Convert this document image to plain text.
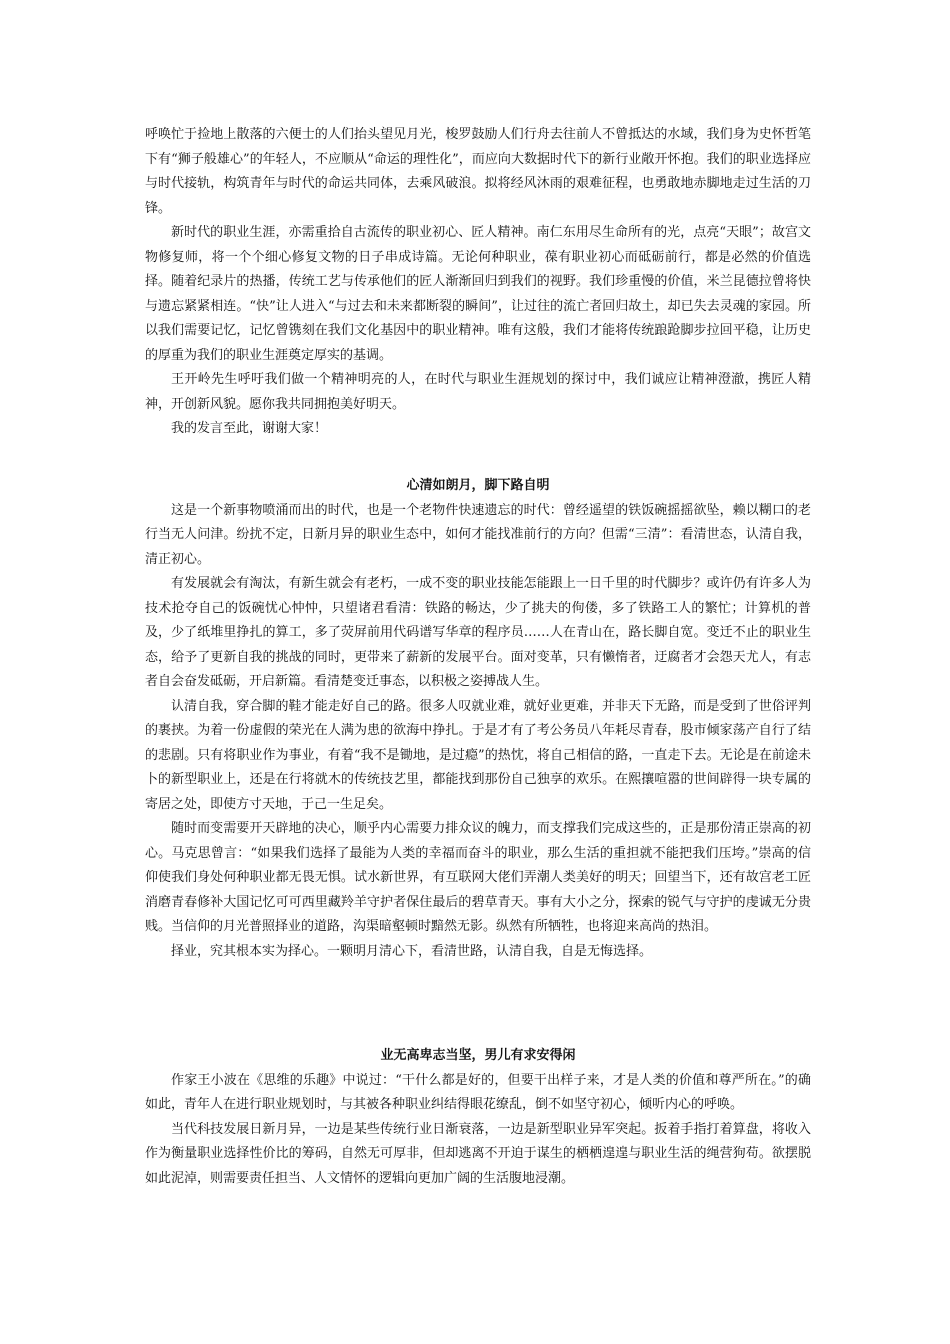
呼唤忙于捡地上散落的六便士的人们抬头望见月光，梭罗鼓励人们行舟去往前人不曾抵达的水域，我们身为史怀哲笔下有“狮子般雄心”的年轻人，不应顺从“命运的理性化”，而应向大数据时代下的新行业敞开怀抱。我们的职业选择应与时代接轨，构筑青年与时代的命运共同体，去乘风破浪。拟将经风沐雨的艰难征程，也勇敢地赤脚地走过生活的刀锋。

新时代的职业生涯，亦需重拾自古流传的职业初心、匠人精神。南仁东用尽生命所有的光，点亮“天眼”；故宫文物修复师，将一个个细心修复文物的日子串成诗篇。无论何种职业，葆有职业初心而砥砺前行，都是必然的价值选择。随着纪录片的热播，传统工艺与传承他们的匠人渐渐回归到我们的视野。我们珍重慢的价值，米兰昆德拉曾将快与遗忘紧紧相连。“快”让人进入“与过去和未来都断裂的瞬间”，让过往的流亡者回归故土，却已失去灵魂的家园。所以我们需要记忆，记忆曾镌刻在我们文化基因中的职业精神。唯有这般，我们才能将传统踉跄脚步拉回平稳，让历史的厚重为我们的职业生涯奠定厚实的基调。

王开岭先生呼吁我们做一个精神明亮的人，在时代与职业生涯规划的探讨中，我们诚应让精神澄澈，携匠人精神，开创新风貌。愿你我共同拥抱美好明天。

我的发言至此，谢谢大家！

心清如朗月，脚下路自明

这是一个新事物喷涌而出的时代，也是一个老物件快速遗忘的时代：曾经遥望的铁饭碗摇摇欲坠，赖以糊口的老行当无人问津。纷扰不定，日新月异的职业生态中，如何才能找准前行的方向？但需“三清”：看清世态，认清自我，清正初心。

有发展就会有淘汰，有新生就会有老朽，一成不变的职业技能怎能跟上一日千里的时代脚步？或许仍有许多人为技术抢夺自己的饭碗忧心忡忡，只望诸君看清：铁路的畅达，少了挑夫的佝偻，多了铁路工人的繁忙；计算机的普及，少了纸堆里挣扎的算工，多了荧屏前用代码谱写华章的程序员……人在青山在，路长脚自宽。变迁不止的职业生态，给予了更新自我的挑战的同时，更带来了薪新的发展平台。面对变革，只有懒惰者，迂腐者才会怨天尤人，有志者自会奋发砥砺，开启新篇。看清楚变迁事态，以积极之姿搏战人生。

认清自我，穿合脚的鞋才能走好自己的路。很多人叹就业难，就好业更难，并非天下无路，而是受到了世俗评判的裹挟。为着一份虚假的荣光在人满为患的欲海中挣扎。于是才有了考公务员八年耗尽青春，股市倾家荡产自行了结的悲剧。只有将职业作为事业，有着“我不是锄地，是过瘾”的热忱，将自己相信的路，一直走下去。无论是在前途未卜的新型职业上，还是在行将就木的传统技艺里，都能找到那份自己独享的欢乐。在熙攘喧嚣的世间辟得一块专属的寄居之处，即使方寸天地，于己一生足矣。

随时而变需要开天辟地的决心，顺乎内心需要力排众议的魄力，而支撑我们完成这些的，正是那份清正崇高的初心。马克思曾言：“如果我们选择了最能为人类的幸福而奋斗的职业，那么生活的重担就不能把我们压垮。”崇高的信仰使我们身处何种职业都无畏无惧。试水新世界，有互联网大佬们弄潮人类美好的明天；回望当下，还有故宫老工匠消磨青春修补大国记忆可可西里藏羚羊守护者保住最后的碧草青天。事有大小之分，探索的锐气与守护的虔诚无分贵贱。当信仰的月光普照择业的道路，沟渠暗壑顿时黯然无影。纵然有所牺牲，也将迎来高尚的热泪。

择业，究其根本实为择心。一颗明月清心下，看清世路，认清自我，自是无悔选择。

业无高卑志当坚，男儿有求安得闲

作家王小波在《思维的乐趣》中说过：“干什么都是好的，但要干出样子来，才是人类的价值和尊严所在。”的确如此，青年人在进行职业规划时，与其被各种职业纠结得眼花缭乱，倒不如坚守初心，倾听内心的呼唤。

当代科技发展日新月异，一边是某些传统行业日渐衰落，一边是新型职业异军突起。扳着手指打着算盘，将收入作为衡量职业选择性价比的筹码，自然无可厚非，但却逃离不开迫于谋生的栖栖遑遑与职业生活的绳营狗苟。欲摆脱如此泥淖，则需要责任担当、人文情怀的逻辑向更加广阔的生活腹地浸潮。
